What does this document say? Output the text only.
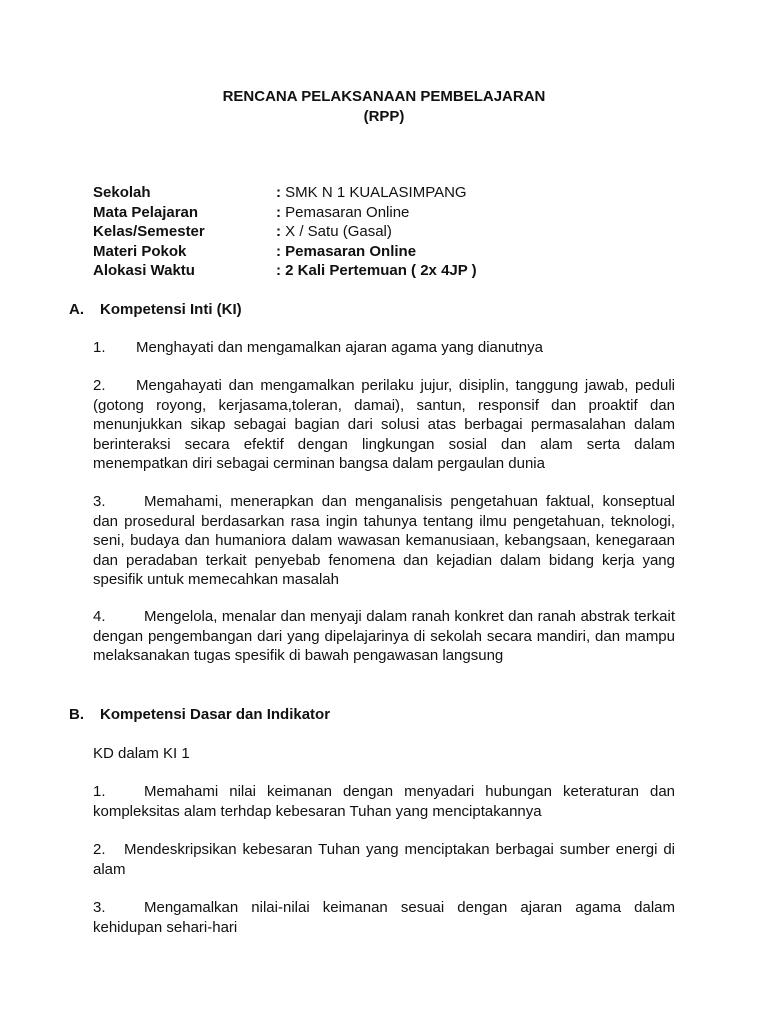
RENCANA PELAKSANAAN PEMBELAJARAN
(RPP)
Sekolah	: SMK N 1 KUALASIMPANG
Mata Pelajaran	: Pemasaran Online
Kelas/Semester	: X / Satu (Gasal)
Materi Pokok	: Pemasaran Online
Alokasi Waktu	: 2 Kali Pertemuan ( 2x 4JP )
A. Kompetensi Inti (KI)
1. Menghayati dan mengamalkan ajaran agama yang dianutnya
2. Mengahayati dan mengamalkan perilaku jujur, disiplin, tanggung jawab, peduli (gotong royong, kerjasama,toleran, damai), santun, responsif dan proaktif dan menunjukkan sikap sebagai bagian dari solusi atas berbagai permasalahan dalam berinteraksi secara efektif dengan lingkungan sosial dan alam serta dalam menempatkan diri sebagai cerminan bangsa dalam pergaulan dunia
3.	Memahami, menerapkan dan menganalisis pengetahuan faktual, konseptual dan prosedural berdasarkan rasa ingin tahunya tentang ilmu pengetahuan, teknologi, seni, budaya dan humaniora dalam wawasan kemanusiaan, kebangsaan, kenegaraan dan peradaban terkait penyebab fenomena dan kejadian dalam bidang kerja yang spesifik untuk memecahkan masalah
4.	Mengelola, menalar dan menyaji dalam ranah konkret dan ranah abstrak terkait dengan pengembangan dari yang dipelajarinya di sekolah secara mandiri, dan mampu melaksanakan tugas spesifik di bawah pengawasan langsung
B. Kompetensi Dasar dan Indikator
KD dalam KI 1
1.	Memahami nilai keimanan dengan menyadari hubungan keteraturan dan kompleksitas alam terhdap kebesaran Tuhan yang menciptakannya
2. Mendeskripsikan kebesaran Tuhan yang menciptakan berbagai sumber energi di alam
3.	Mengamalkan nilai-nilai keimanan sesuai dengan ajaran agama dalam kehidupan sehari-hari
